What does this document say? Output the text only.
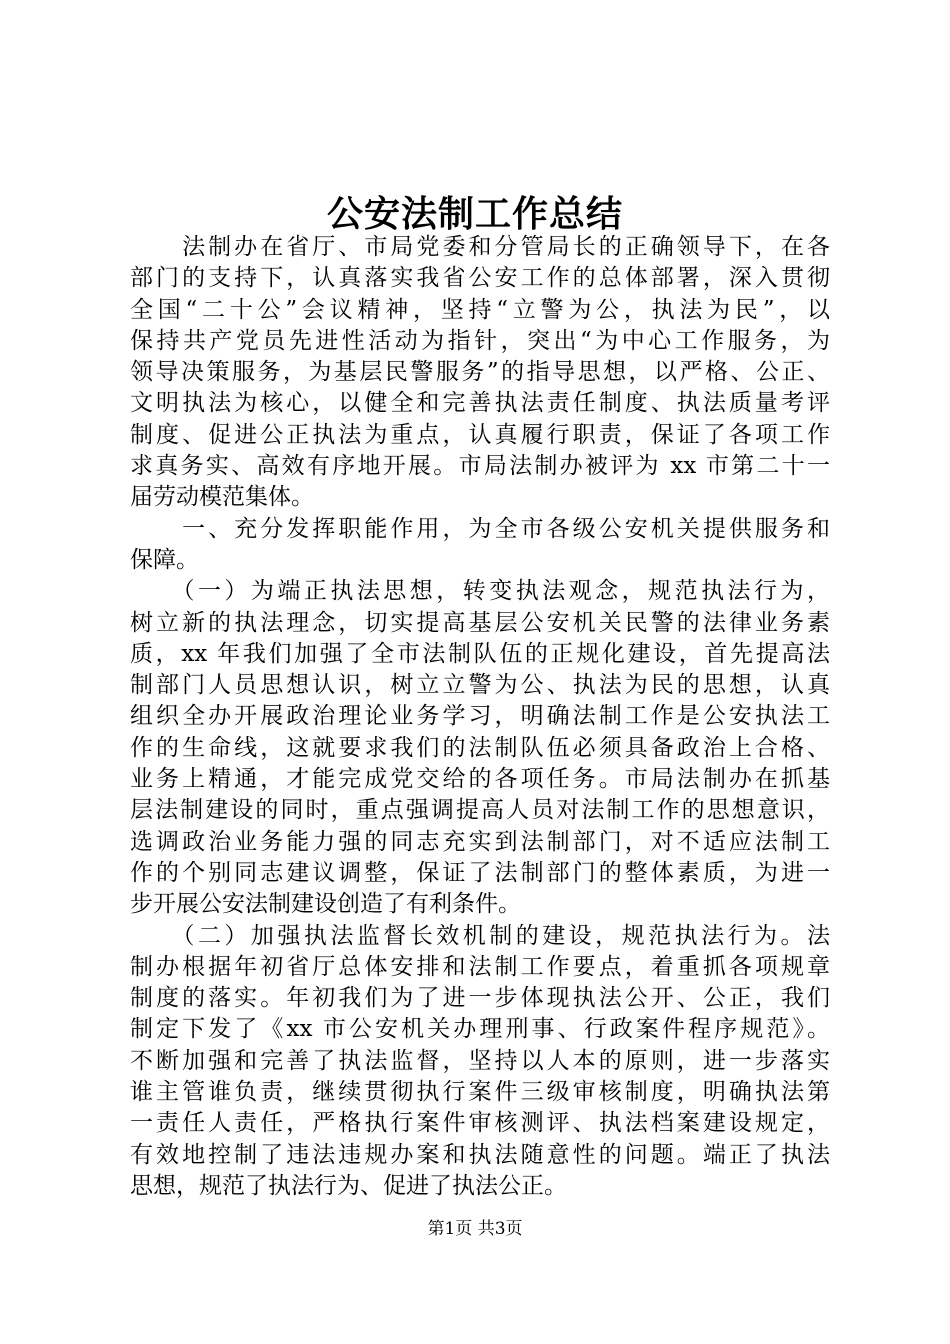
公安法制工作总结
　　法制办在省厅、市局党委和分管局长的正确领导下，在各
部门的支持下，认真落实我省公安工作的总体部署，深入贯彻
全国“二十公”会议精神，坚持“立警为公，执法为民”，以
保持共产党员先进性活动为指针，突出“为中心工作服务，为
领导决策服务，为基层民警服务”的指导思想，以严格、公正、
文明执法为核心，以健全和完善执法责任制度、执法质量考评
制度、促进公正执法为重点，认真履行职责，保证了各项工作
求真务实、高效有序地开展。市局法制办被评为 xx 市第二十一
届劳动模范集体。
　　一、充分发挥职能作用，为全市各级公安机关提供服务和
保障。
　　（一）为端正执法思想，转变执法观念，规范执法行为，
树立新的执法理念，切实提高基层公安机关民警的法律业务素
质，xx 年我们加强了全市法制队伍的正规化建设，首先提高法
制部门人员思想认识，树立立警为公、执法为民的思想，认真
组织全办开展政治理论业务学习，明确法制工作是公安执法工
作的生命线，这就要求我们的法制队伍必须具备政治上合格、
业务上精通，才能完成党交给的各项任务。市局法制办在抓基
层法制建设的同时，重点强调提高人员对法制工作的思想意识，
选调政治业务能力强的同志充实到法制部门，对不适应法制工
作的个别同志建议调整，保证了法制部门的整体素质，为进一
步开展公安法制建设创造了有利条件。
　　（二）加强执法监督长效机制的建设，规范执法行为。法
制办根据年初省厅总体安排和法制工作要点，着重抓各项规章
制度的落实。年初我们为了进一步体现执法公开、公正，我们
制定下发了《xx 市公安机关办理刑事、行政案件程序规范》。
不断加强和完善了执法监督，坚持以人本的原则，进一步落实
谁主管谁负责，继续贯彻执行案件三级审核制度，明确执法第
一责任人责任，严格执行案件审核测评、执法档案建设规定，
有效地控制了违法违规办案和执法随意性的问题。端正了执法
思想，规范了执法行为、促进了执法公正。
第1页 共3页
